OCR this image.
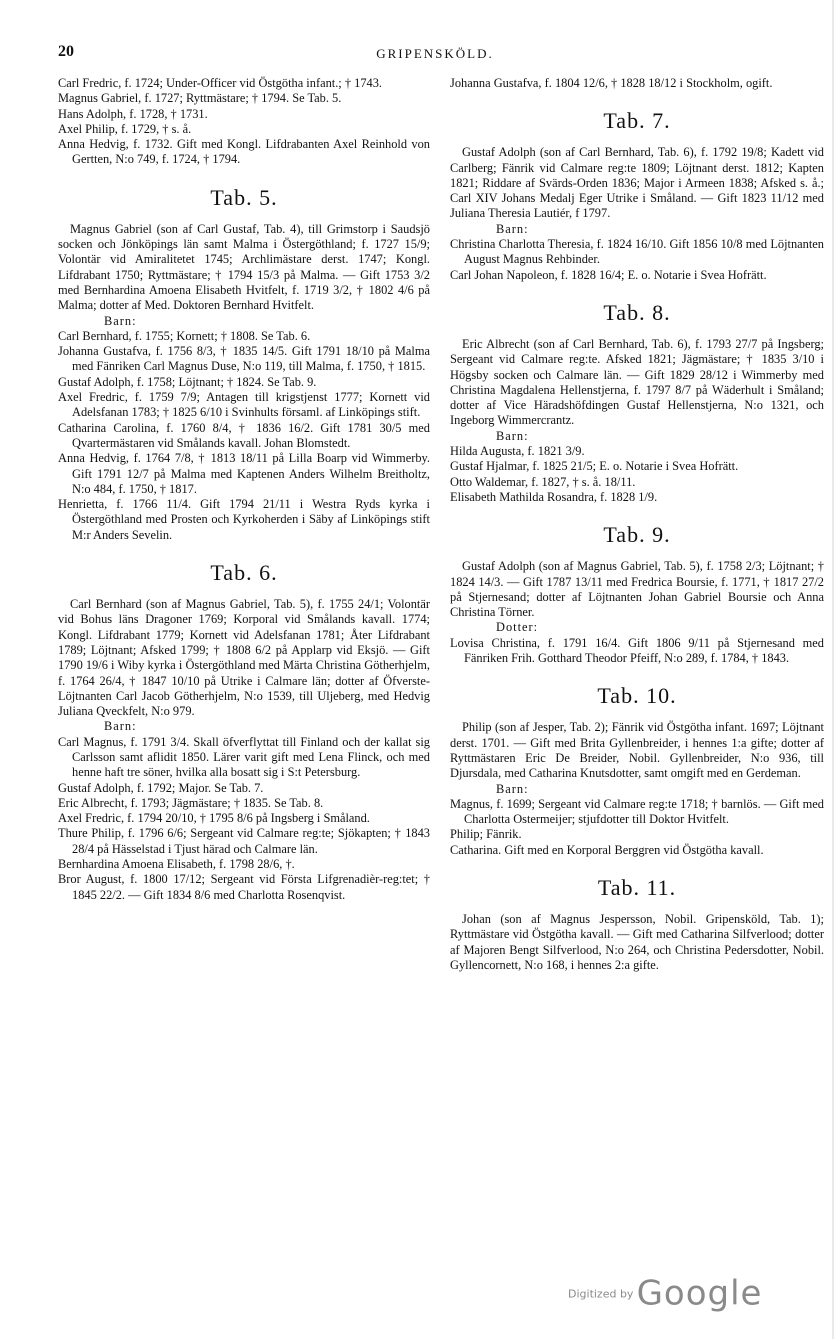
20	GRIPENSKÖLD.

Carl Fredric, f. 1724; Under-Officer vid Östgötha infant.; † 1743.

Magnus Gabriel, f. 1727; Ryttmästare; † 1794. Se Tab. 5.

Hans Adolph, f. 1728, † 1731.

Axel Philip, f. 1729, † s. å.

Anna Hedvig, f. 1732. Gift med Kongl. Lifdrabanten Axel Reinhold von Gertten, N:o 749, f. 1724, † 1794.

Tab. 5.

Magnus Gabriel (son af Carl Gustaf, Tab. 4), till Grimstorp i Saudsjö socken och Jönköpings län samt Malma i Östergöthland; f. 1727 15/9; Volontär vid Amiralitetet 1745; Archlimästare derst. 1747; Kongl. Lifdrabant 1750; Ryttmästare; † 1794 15/3 på Malma. — Gift 1753 3/2 med Bernhardina Amoena Elisabeth Hvitfelt, f. 1719 3/2, † 1802 4/6 på Malma; dotter af Med. Doktoren Bernhard Hvitfelt.

Barn:

Carl Bernhard, f. 1755; Kornett; † 1808. Se Tab. 6.

Johanna Gustafva, f. 1756 8/3, † 1835 14/5. Gift 1791 18/10 på Malma med Fänriken Carl Magnus Duse, N:o 119, till Malma, f. 1750, † 1815.

Gustaf Adolph, f. 1758; Löjtnant; † 1824. Se Tab. 9.

Axel Fredric, f. 1759 7/9; Antagen till krigstjenst 1777; Kornett vid Adelsfanan 1783; † 1825 6/10 i Svinhults församl. af Linköpings stift.

Catharina Carolina, f. 1760 8/4, † 1836 16/2. Gift 1781 30/5 med Qvartermästaren vid Smålands kavall. Johan Blomstedt.

Anna Hedvig, f. 1764 7/8, † 1813 18/11 på Lilla Boarp vid Wimmerby. Gift 1791 12/7 på Malma med Kaptenen Anders Wilhelm Breitholtz, N:o 484, f. 1750, † 1817.

Henrietta, f. 1766 11/4. Gift 1794 21/11 i Westra Ryds kyrka i Östergöthland med Prosten och Kyrkoherden i Säby af Linköpings stift M:r Anders Sevelin.

Tab. 6.

Carl Bernhard (son af Magnus Gabriel, Tab. 5), f. 1755 24/1; Volontär vid Bohus läns Dragoner 1769; Korporal vid Smålands kavall. 1774; Kongl. Lifdrabant 1779; Kornett vid Adelsfanan 1781; Åter Lifdrabant 1789; Löjtnant; Afsked 1799; † 1808 6/2 på Applarp vid Eksjö. — Gift 1790 19/6 i Wiby kyrka i Östergöthland med Märta Christina Götherhjelm, f. 1764 26/4, † 1847 10/10 på Utrike i Calmare län; dotter af Öfverste-Löjtnanten Carl Jacob Götherhjelm, N:o 1539, till Uljeberg, med Hedvig Juliana Qveckfelt, N:o 979.

Barn:

Carl Magnus, f. 1791 3/4. Skall öfverflyttat till Finland och der kallat sig Carlsson samt aflidit 1850. Lärer varit gift med Lena Flinck, och med henne haft tre söner, hvilka alla bosatt sig i S:t Petersburg.

Gustaf Adolph, f. 1792; Major. Se Tab. 7.

Eric Albrecht, f. 1793; Jägmästare; † 1835. Se Tab. 8.

Axel Fredric, f. 1794 20/10, † 1795 8/6 på Ingsberg i Småland.

Thure Philip, f. 1796 6/6; Sergeant vid Calmare reg:te; Sjökapten; † 1843 28/4 på Hässelstad i Tjust härad och Calmare län.

Bernhardina Amoena Elisabeth, f. 1798 28/6, †.

Bror August, f. 1800 17/12; Sergeant vid Första Lifgrenadièr-reg:tet; † 1845 22/2. — Gift 1834 8/6 med Charlotta Rosenqvist.

Johanna Gustafva, f. 1804 12/6, † 1828 18/12 i Stockholm, ogift.

Tab. 7.

Gustaf Adolph (son af Carl Bernhard, Tab. 6), f. 1792 19/8; Kadett vid Carlberg; Fänrik vid Calmare reg:te 1809; Löjtnant derst. 1812; Kapten 1821; Riddare af Svärds-Orden 1836; Major i Armeen 1838; Afsked s. å.; Carl XIV Johans Medalj Eger Utrike i Småland. — Gift 1823 11/12 med Juliana Theresia Lautiér, f 1797.

Barn:

Christina Charlotta Theresia, f. 1824 16/10. Gift 1856 10/8 med Löjtnanten August Magnus Rehbinder.

Carl Johan Napoleon, f. 1828 16/4; E. o. Notarie i Svea Hofrätt.

Tab. 8.

Eric Albrecht (son af Carl Bernhard, Tab. 6), f. 1793 27/7 på Ingsberg; Sergeant vid Calmare reg:te. Afsked 1821; Jägmästare; † 1835 3/10 i Högsby socken och Calmare län. — Gift 1829 28/12 i Wimmerby med Christina Magdalena Hellenstjerna, f. 1797 8/7 på Wäderhult i Småland; dotter af Vice Häradshöfdingen Gustaf Hellenstjerna, N:o 1321, och Ingeborg Wimmercrantz.

Barn:

Hilda Augusta, f. 1821 3/9.

Gustaf Hjalmar, f. 1825 21/5; E. o. Notarie i Svea Hofrätt.

Otto Waldemar, f. 1827, † s. å. 18/11.

Elisabeth Mathilda Rosandra, f. 1828 1/9.

Tab. 9.

Gustaf Adolph (son af Magnus Gabriel, Tab. 5), f. 1758 2/3; Löjtnant; † 1824 14/3. — Gift 1787 13/11 med Fredrica Boursie, f. 1771, † 1817 27/2 på Stjernesand; dotter af Löjtnanten Johan Gabriel Boursie och Anna Christina Törner.

Dotter:

Lovisa Christina, f. 1791 16/4. Gift 1806 9/11 på Stjernesand med Fänriken Frih. Gotthard Theodor Pfeiff, N:o 289, f. 1784, † 1843.

Tab. 10.

Philip (son af Jesper, Tab. 2); Fänrik vid Östgötha infant. 1697; Löjtnant derst. 1701. — Gift med Brita Gyllenbreider, i hennes 1:a gifte; dotter af Ryttmästaren Eric De Breider, Nobil. Gyllenbreider, N:o 936, till Djursdala, med Catharina Knutsdotter, samt omgift med en Gerdeman.

Barn:

Magnus, f. 1699; Sergeant vid Calmare reg:te 1718; † barnlös. — Gift med Charlotta Ostermeijer; stjufdotter till Doktor Hvitfelt.

Philip; Fänrik.

Catharina. Gift med en Korporal Berggren vid Östgötha kavall.

Tab. 11.

Johan (son af Magnus Jespersson, Nobil. Gripensköld, Tab. 1); Ryttmästare vid Östgötha kavall. — Gift med Catharina Silfverlood; dotter af Majoren Bengt Silfverlood, N:o 264, och Christina Pedersdotter, Nobil. Gyllencornett, N:o 168, i hennes 2:a gifte.

Digitized by Google
